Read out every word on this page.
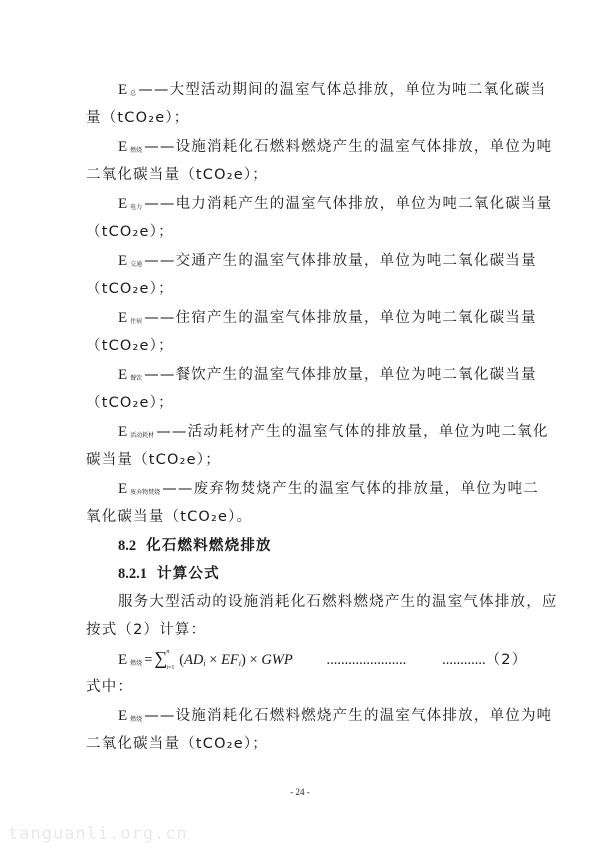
E总 ——大型活动期间的温室气体总排放，单位为吨二氧化碳当
量（tCO₂e）；
E燃烧 ——设施消耗化石燃料燃烧产生的温室气体排放，单位为吨
二氧化碳当量（tCO₂e）；
E电力 ——电力消耗产生的温室气体排放，单位为吨二氧化碳当量
（tCO₂e）；
E交通 ——交通产生的温室气体排放量，单位为吨二氧化碳当量
（tCO₂e）；
E住宿 ——住宿产生的温室气体排放量，单位为吨二氧化碳当量
（tCO₂e）；
E餐饮 ——餐饮产生的温室气体排放量，单位为吨二氧化碳当量
（tCO₂e）；
E活动耗材 ——活动耗材产生的温室气体的排放量，单位为吨二氧化
碳当量（tCO₂e）；
E废弃物焚烧 ——废弃物焚烧产生的温室气体的排放量，单位为吨二
氧化碳当量（tCO₂e）。
8.2 化石燃料燃烧排放
8.2.1 计算公式
服务大型活动的设施消耗化石燃料燃烧产生的温室气体排放，应
按式（2）计算：
E燃烧 = ∑ n
i=1 (ADi × EFi) × GWP ...................... ............（2）
式中：
E燃烧 ——设施消耗化石燃料燃烧产生的温室气体排放，单位为吨
二氧化碳当量（tCO₂e）；
- 24 -
tanguanli.org.cn
